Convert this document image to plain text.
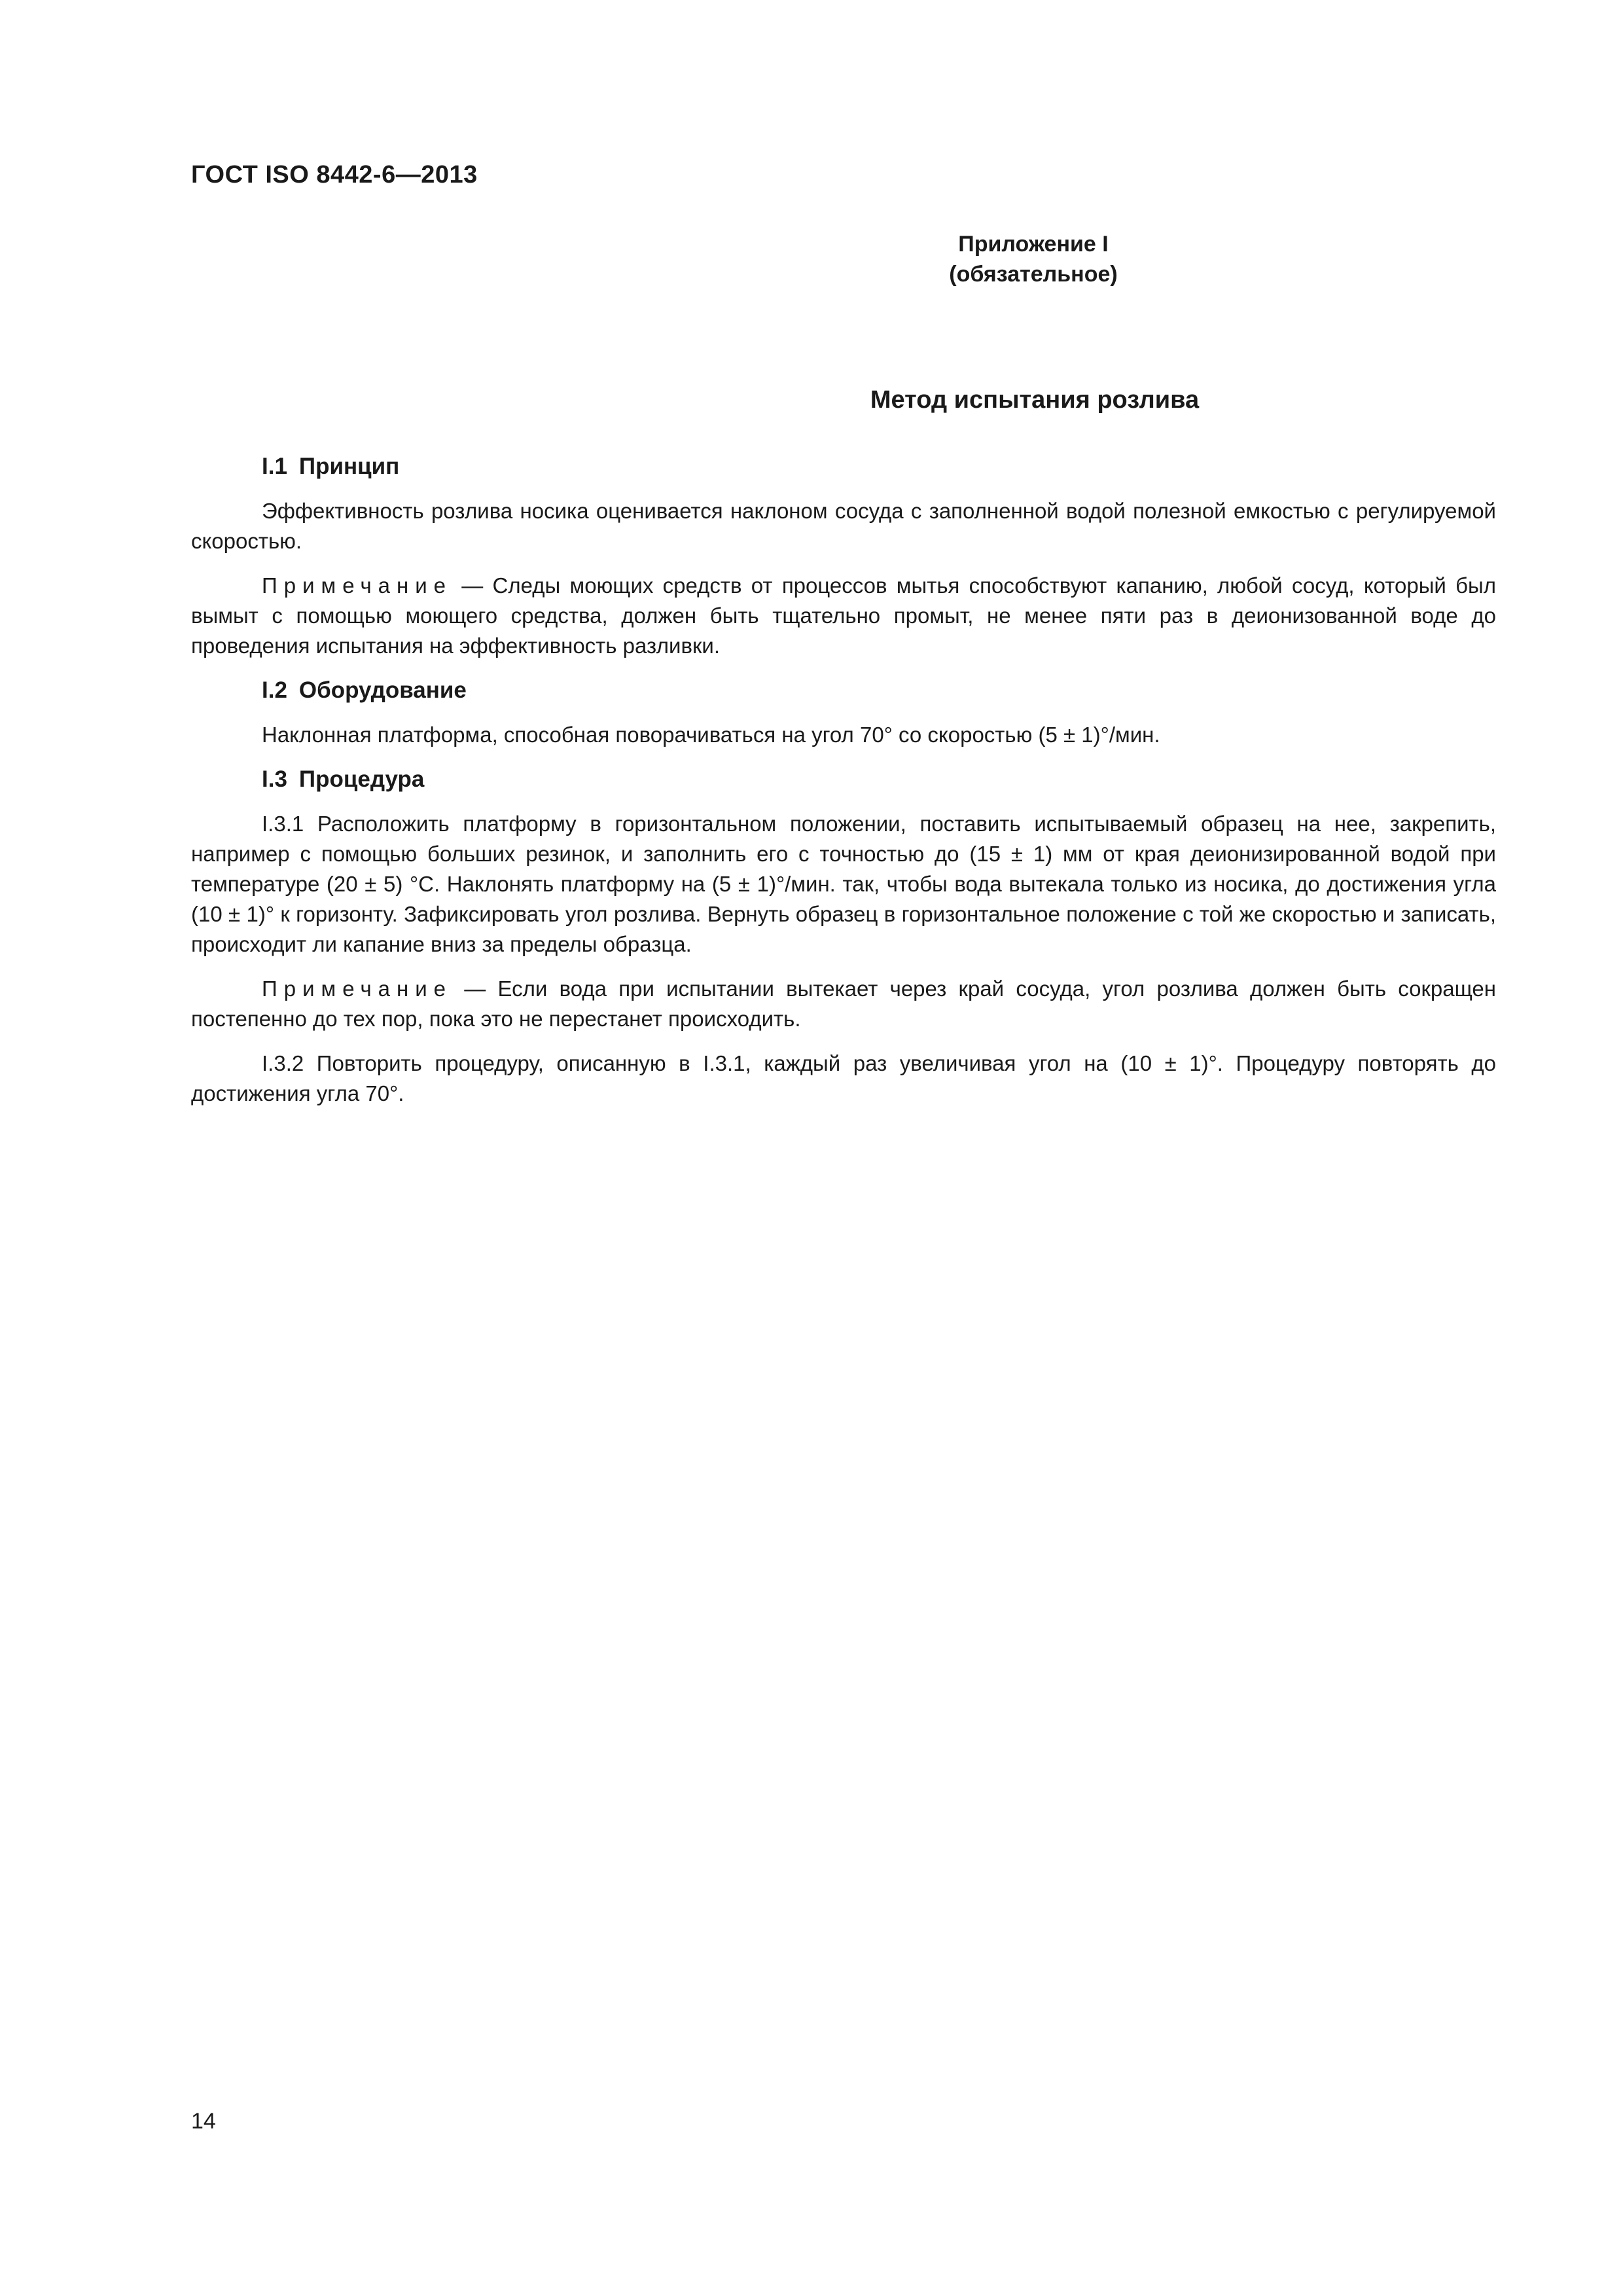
ГОСТ ISO 8442-6—2013
Приложение I
(обязательное)
Метод испытания розлива
I.1 Принцип

Эффективность розлива носика оценивается наклоном сосуда с заполненной водой полезной емкостью с регулируемой скоростью.

Примечание — Следы моющих средств от процессов мытья способствуют капанию, любой сосуд, который был вымыт с помощью моющего средства, должен быть тщательно промыт, не менее пяти раз в деионизованной воде до проведения испытания на эффективность разливки.

I.2 Оборудование

Наклонная платформа, способная поворачиваться на угол 70° со скоростью (5 ± 1)°/мин.

I.3 Процедура

I.3.1 Расположить платформу в горизонтальном положении, поставить испытываемый образец на нее, закрепить, например с помощью больших резинок, и заполнить его с точностью до (15 ± 1) мм от края деионизированной водой при температуре (20 ± 5) °С. Наклонять платформу на (5 ± 1)°/мин. так, чтобы вода вытекала только из носика, до достижения угла (10 ± 1)° к горизонту. Зафиксировать угол розлива. Вернуть образец в горизонтальное положение с той же скоростью и записать, происходит ли капание вниз за пределы образца.

Примечание — Если вода при испытании вытекает через край сосуда, угол розлива должен быть сокращен постепенно до тех пор, пока это не перестанет происходить.

I.3.2 Повторить процедуру, описанную в I.3.1, каждый раз увеличивая угол на (10 ± 1)°. Процедуру повторять до достижения угла 70°.

14
